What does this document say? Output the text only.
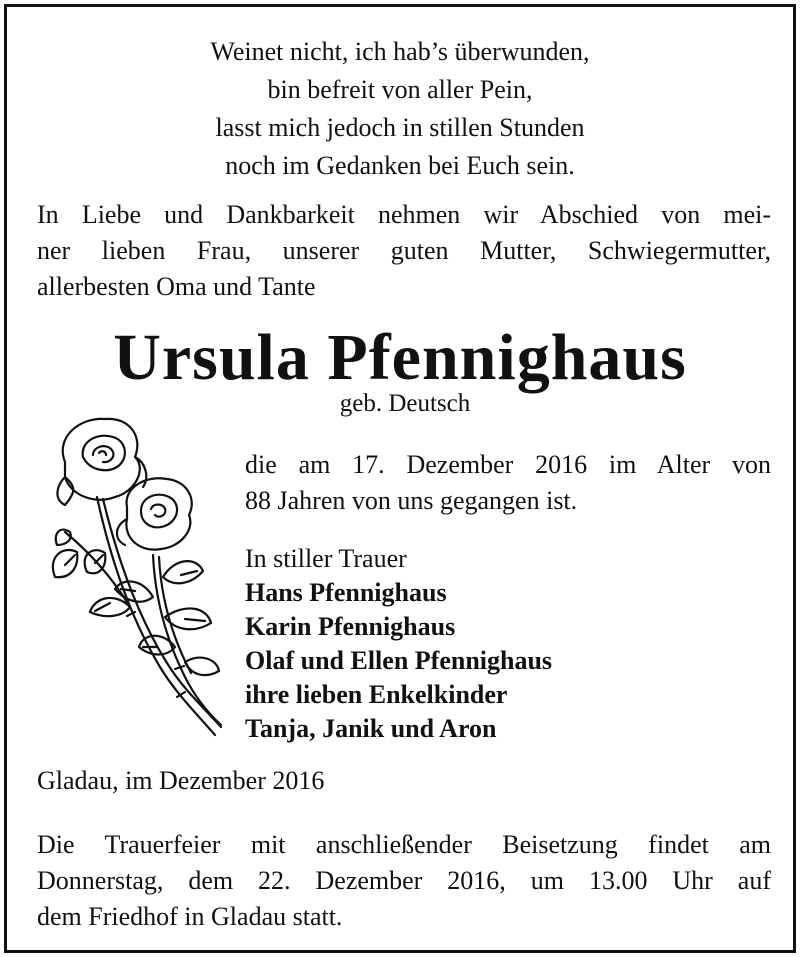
Weinet nicht, ich hab’s überwunden,
bin befreit von aller Pein,
lasst mich jedoch in stillen Stunden
noch im Gedanken bei Euch sein.
In Liebe und Dankbarkeit nehmen wir Abschied von mei-
ner lieben Frau, unserer guten Mutter, Schwiegermutter,
allerbesten Oma und Tante
Ursula Pfennighaus
geb. Deutsch
die am 17. Dezember 2016 im Alter von
88 Jahren von uns gegangen ist.
In stiller Trauer
Hans Pfennighaus
Karin Pfennighaus
Olaf und Ellen Pfennighaus
ihre lieben Enkelkinder
Tanja, Janik und Aron
Gladau, im Dezember 2016
Die Trauerfeier mit anschließender Beisetzung findet am
Donnerstag, dem 22. Dezember 2016, um 13.00 Uhr auf
dem Friedhof in Gladau statt.
